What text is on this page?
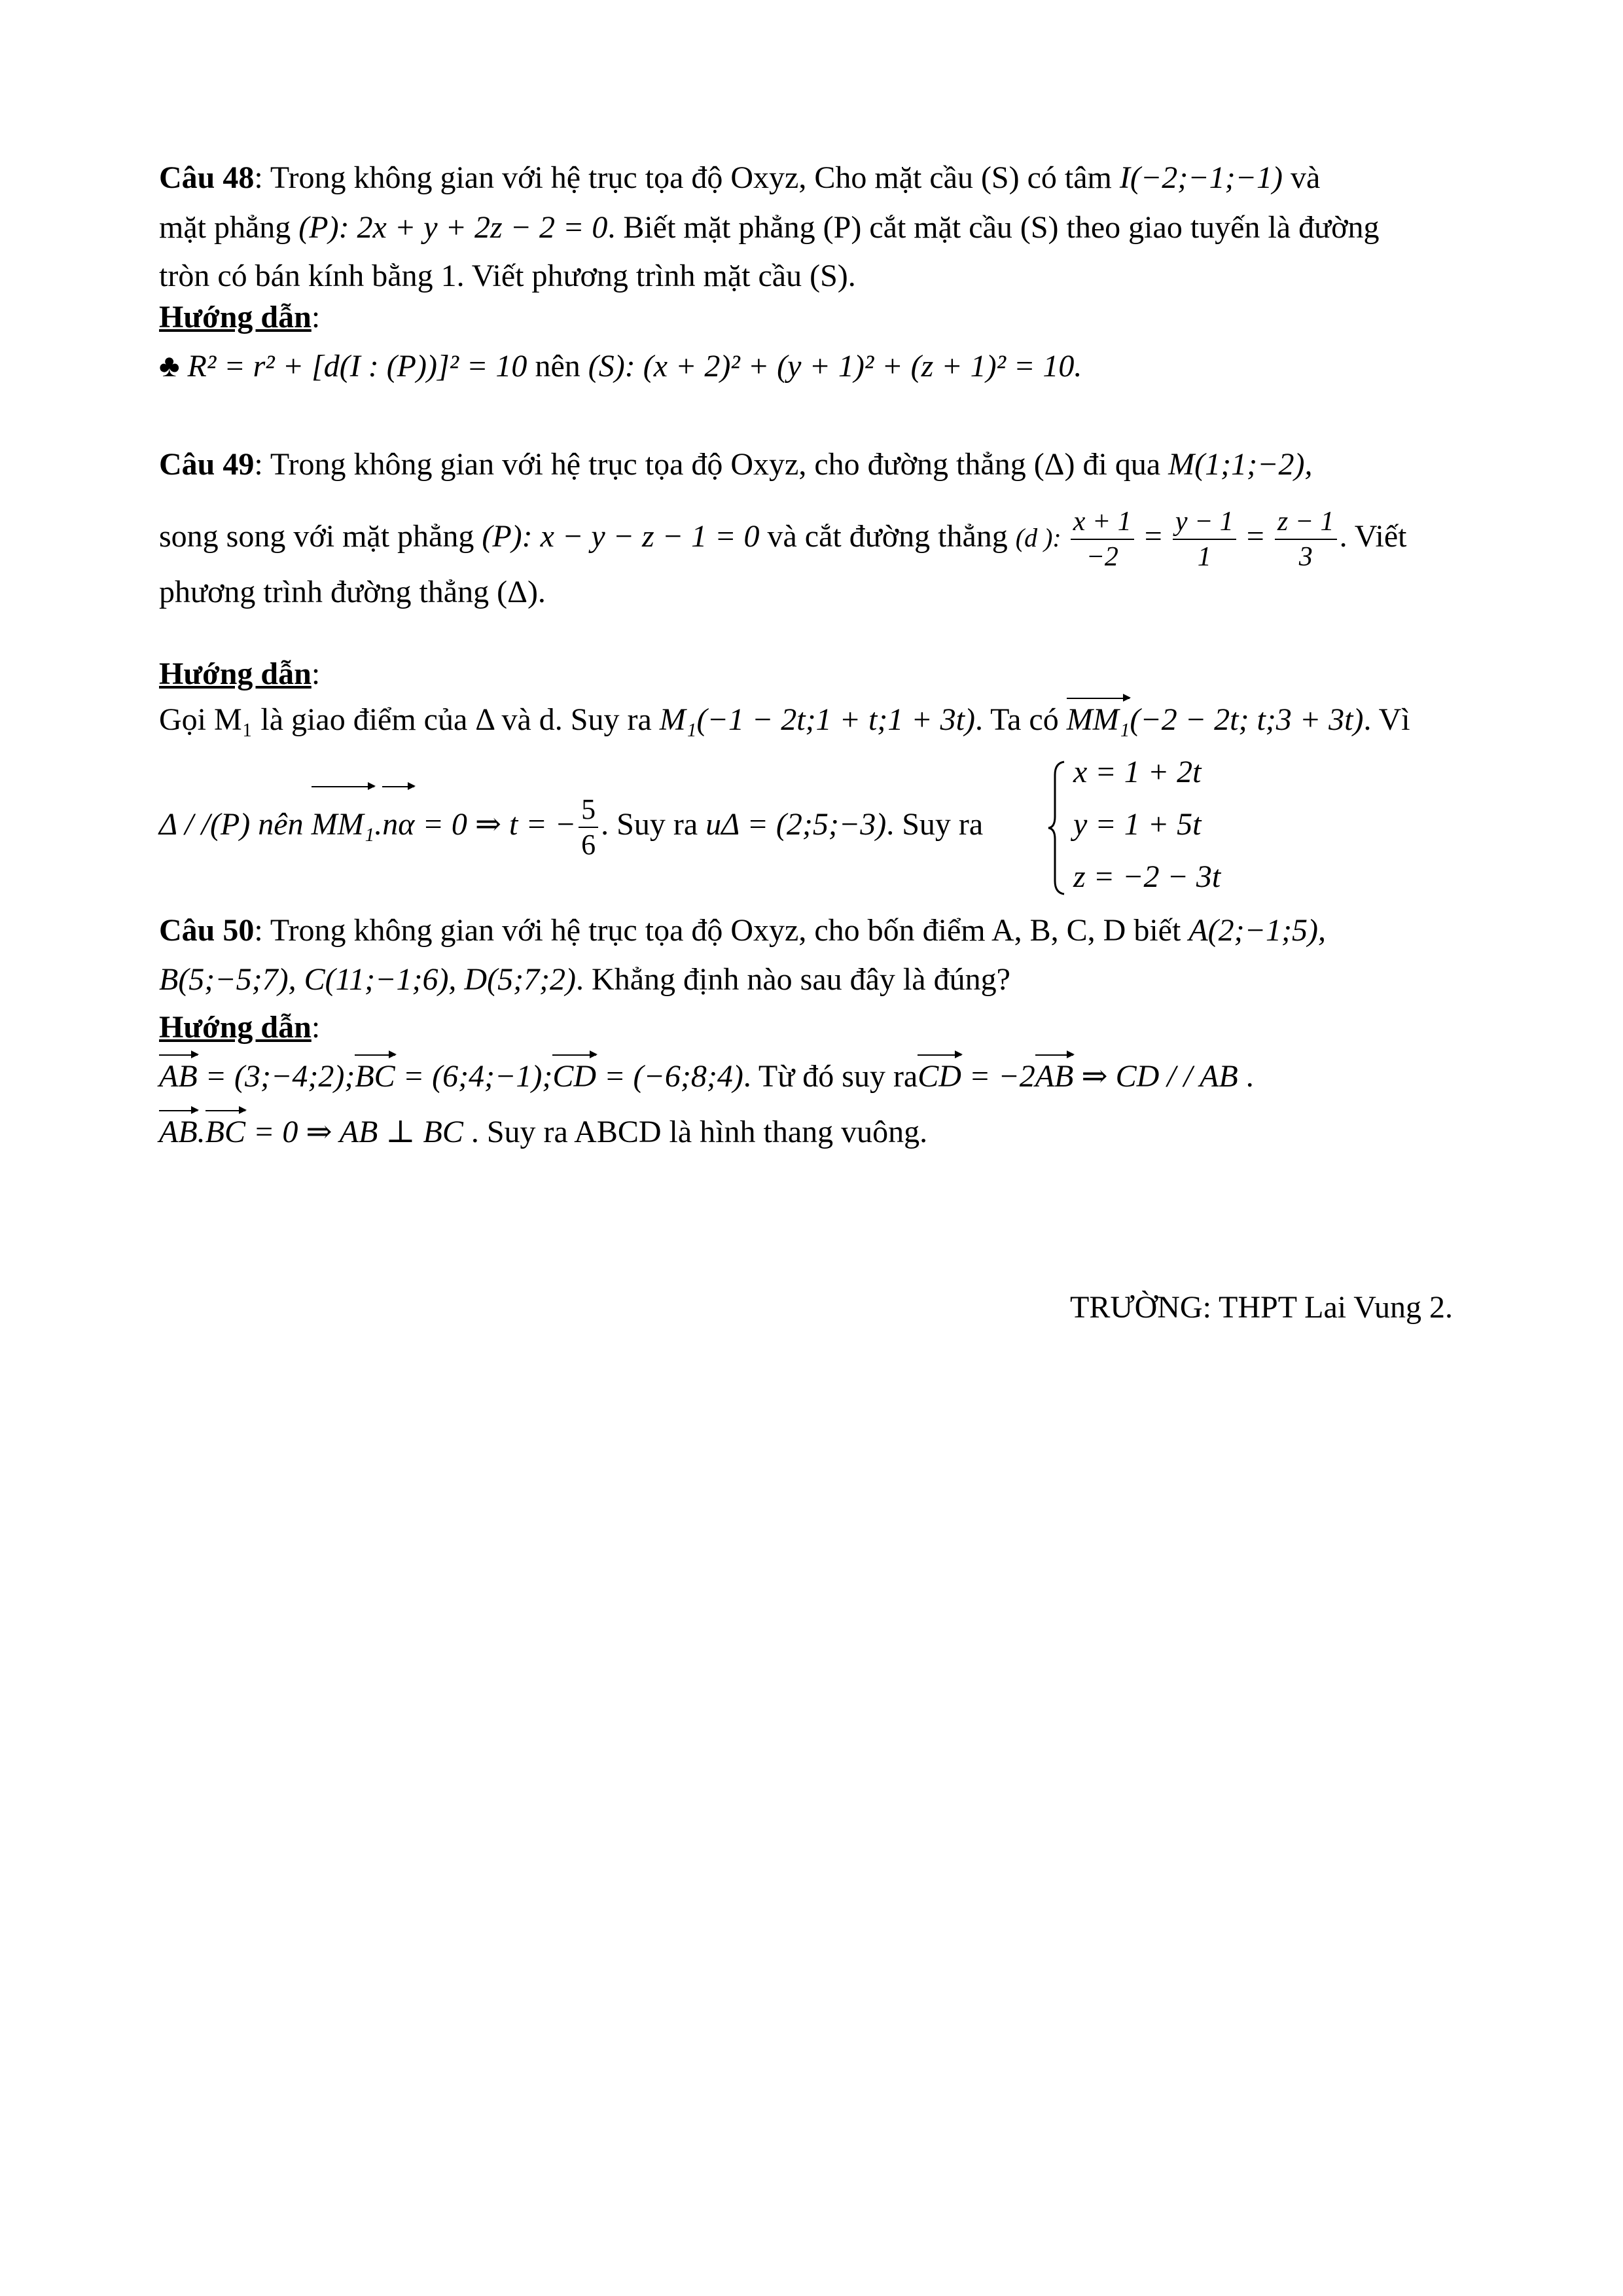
Câu 48: Trong không gian với hệ trục tọa độ Oxyz, Cho mặt cầu (S) có tâm I(−2;−1;−1) và
mặt phẳng (P): 2x + y + 2z − 2 = 0. Biết mặt phẳng (P) cắt mặt cầu (S) theo giao tuyến là đường
tròn có bán kính bằng 1. Viết phương trình mặt cầu (S).
Hướng dẫn:
♣ R² = r² + [d(I : (P))]² = 10 nên (S): (x + 2)² + (y + 1)² + (z + 1)² = 10.
Câu 49: Trong không gian với hệ trục tọa độ Oxyz, cho đường thẳng (Δ) đi qua M(1;1;−2),
song song với mặt phẳng (P): x − y − z − 1 = 0 và cắt đường thẳng (d ): $\frac{x + 1}{-2} = \frac{y - 1}{1} = \frac{z - 1}{3}$ . Viết
phương trình đường thẳng (Δ).
Hướng dẫn:
Gọi M₁ là giao điểm của Δ và d. Suy ra M₁(−1 − 2t;1 + t;1 + 3t). Ta có MM₁(−2 − 2t; t;3 + 3t). Vì
Δ / /(P) nên MM₁.nα = 0 ⇒ t = − $\frac{5}{6}$ . Suy ra uΔ = (2;5;−3). Suy ra
x = 1 + 2t
y = 1 + 5t
z = −2 − 3t
Câu 50: Trong không gian với hệ trục tọa độ Oxyz, cho bốn điểm A, B, C, D biết A(2;−1;5),
B(5;−5;7), C(11;−1;6), D(5;7;2). Khẳng định nào sau đây là đúng?
Hướng dẫn:
AB = (3;−4;2);BC = (6;4;−1);CD = (−6;8;4). Từ đó suy raCD = −2AB ⇒ CD / / AB .
AB.BC = 0 ⇒ AB ⊥ BC . Suy ra ABCD là hình thang vuông.
TRƯỜNG: THPT Lai Vung 2.
